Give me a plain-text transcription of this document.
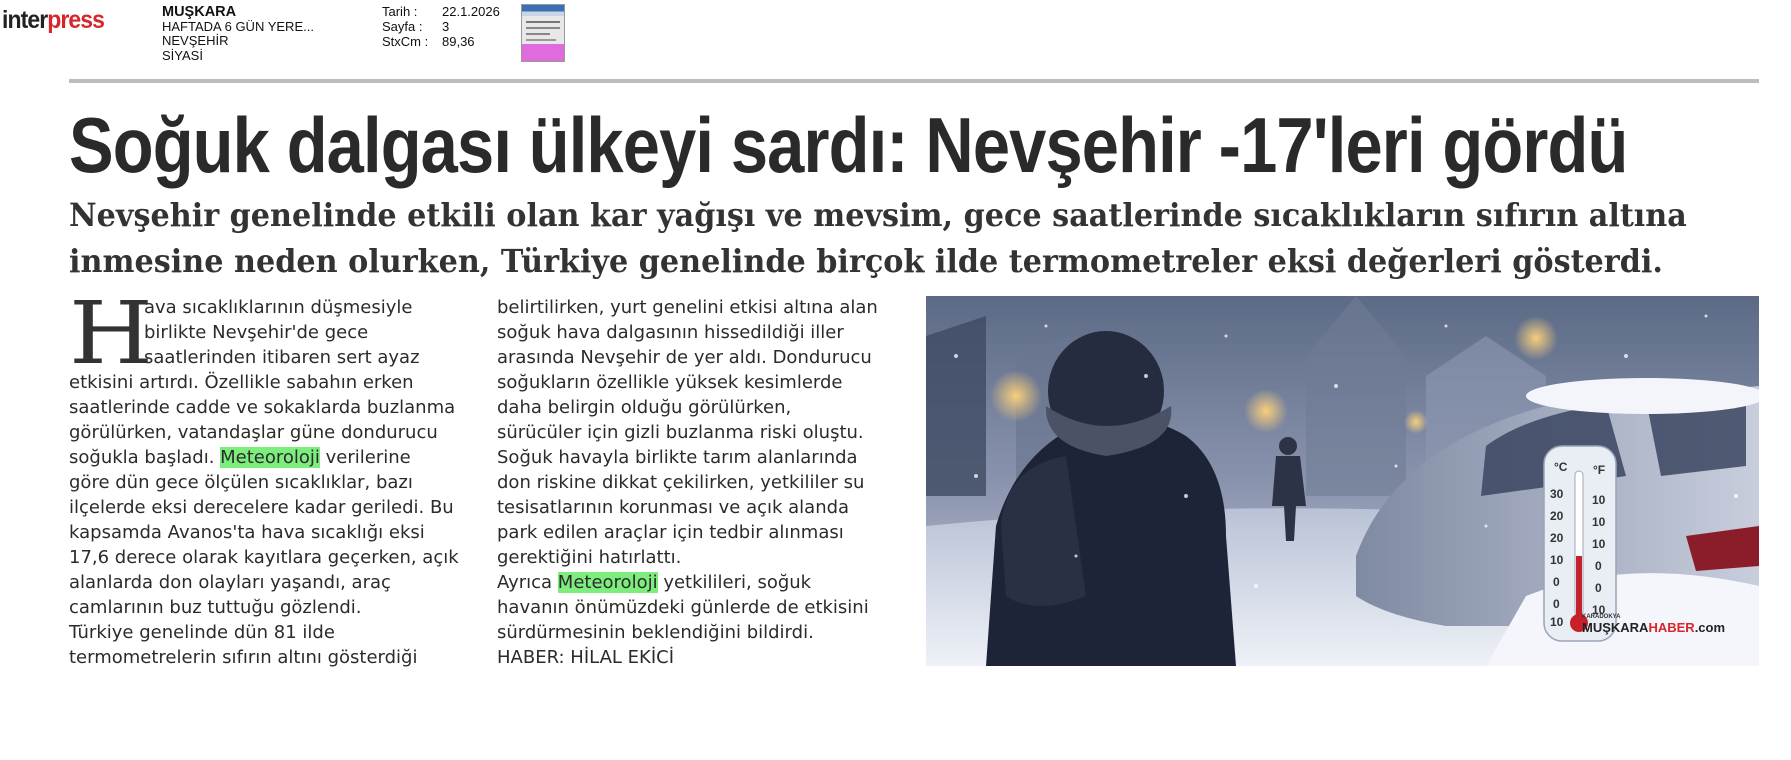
interpress	MUŞKARA
HAFTADA 6 GÜN YERE...
NEVŞEHİR
SİYASİ
Tarih :	22.1.2026
Sayfa :	3
StxCm :	89,36
Soğuk dalgası ülkeyi sardı: Nevşehir -17'leri gördü
Nevşehir genelinde etkili olan kar yağışı ve mevsim, gece saatlerinde sıcaklıkların sıfırın altına
inmesine neden olurken, Türkiye genelinde birçok ilde termometreler eksi değerleri gösterdi.
H
ava sıcaklıklarının düşmesiyle
birlikte Nevşehir'de gece
saatlerinden itibaren sert ayaz
etkisini artırdı. Özellikle sabahın erken
saatlerinde cadde ve sokaklarda buzlanma
görülürken, vatandaşlar güne dondurucu
soğukla başladı. Meteoroloji verilerine
göre dün gece ölçülen sıcaklıklar, bazı
ilçelerde eksi derecelere kadar geriledi. Bu
kapsamda Avanos'ta hava sıcaklığı eksi
17,6 derece olarak kayıtlara geçerken, açık
alanlarda don olayları yaşandı, araç
camlarının buz tuttuğu gözlendi.
Türkiye genelinde dün 81 ilde
termometrelerin sıfırın altını gösterdiği
belirtilirken, yurt genelini etkisi altına alan
soğuk hava dalgasının hissedildiği iller
arasında Nevşehir de yer aldı. Dondurucu
soğukların özellikle yüksek kesimlerde
daha belirgin olduğu görülürken,
sürücüler için gizli buzlanma riski oluştu.
Soğuk havayla birlikte tarım alanlarında
don riskine dikkat çekilirken, yetkililer su
tesisatlarının korunması ve açık alanda
park edilen araçlar için tedbir alınması
gerektiğini hatırlattı.
Ayrıca Meteoroloji yetkilileri, soğuk
havanın önümüzdeki günlerde de etkisini
sürdürmesinin beklendiğini bildirdi.
HABER: HİLAL EKİCİ
°C °F
30
20
20
10
0
0
10
10
10
10
0
0
10
KARADOKYA
MUŞKARAHABER.com
